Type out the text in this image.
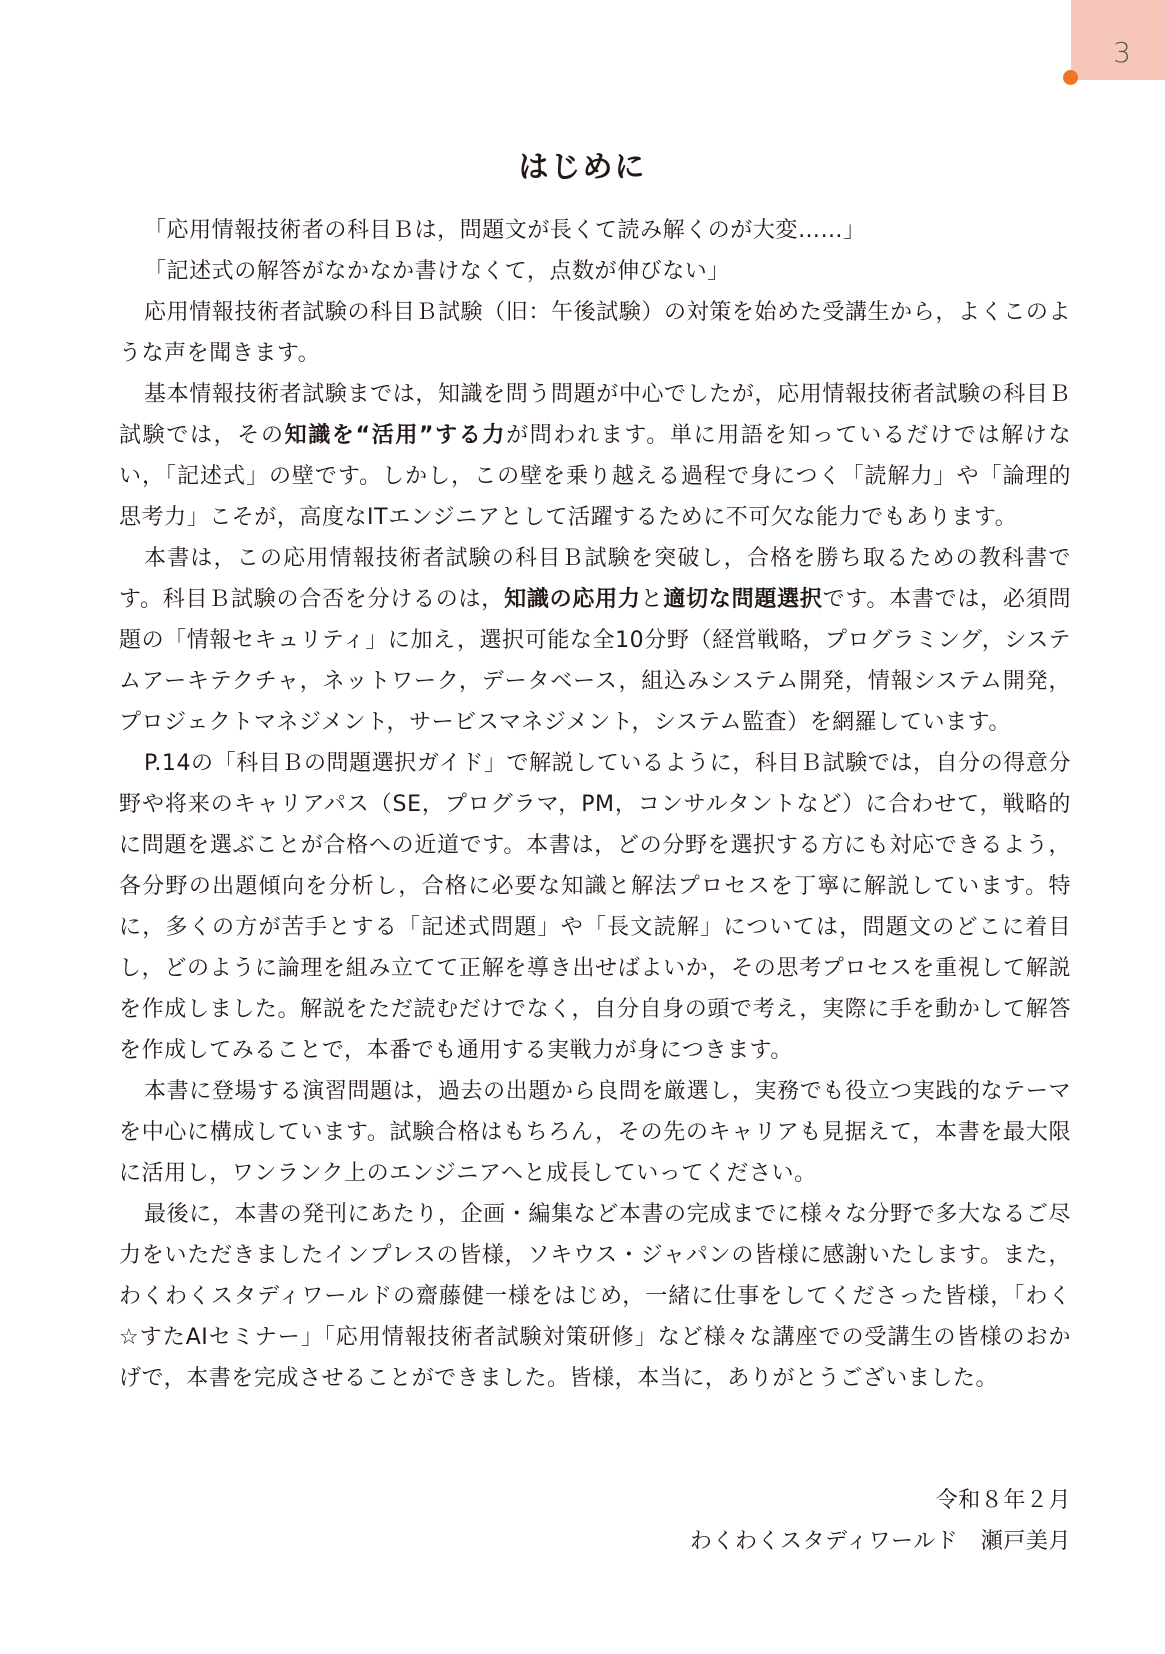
3
はじめに

「応用情報技術者の科目Ｂは，問題文が長くて読み解くのが大変……」

「記述式の解答がなかなか書けなくて，点数が伸びない」

応用情報技術者試験の科目Ｂ試験（旧：午後試験）の対策を始めた受講生から，よくこのような声を聞きます。

基本情報技術者試験までは，知識を問う問題が中心でしたが，応用情報技術者試験の科目Ｂ試験では，その知識を“活用”する力が問われます。単に用語を知っているだけでは解けない，「記述式」の壁です。しかし，この壁を乗り越える過程で身につく「読解力」や「論理的思考力」こそが，高度なITエンジニアとして活躍するために不可欠な能力でもあります。

本書は，この応用情報技術者試験の科目Ｂ試験を突破し，合格を勝ち取るための教科書です。科目Ｂ試験の合否を分けるのは，知識の応用力と適切な問題選択です。本書では，必須問題の「情報セキュリティ」に加え，選択可能な全10分野（経営戦略，プログラミング，システムアーキテクチャ，ネットワーク，データベース，組込みシステム開発，情報システム開発，プロジェクトマネジメント，サービスマネジメント，システム監査）を網羅しています。

P.14の「科目Ｂの問題選択ガイド」で解説しているように，科目Ｂ試験では，自分の得意分野や将来のキャリアパス（SE，プログラマ，PM，コンサルタントなど）に合わせて，戦略的に問題を選ぶことが合格への近道です。本書は，どの分野を選択する方にも対応できるよう，各分野の出題傾向を分析し，合格に必要な知識と解法プロセスを丁寧に解説しています。特に，多くの方が苦手とする「記述式問題」や「長文読解」については，問題文のどこに着目し，どのように論理を組み立てて正解を導き出せばよいか，その思考プロセスを重視して解説を作成しました。解説をただ読むだけでなく，自分自身の頭で考え，実際に手を動かして解答を作成してみることで，本番でも通用する実戦力が身につきます。

本書に登場する演習問題は，過去の出題から良問を厳選し，実務でも役立つ実践的なテーマを中心に構成しています。試験合格はもちろん，その先のキャリアも見据えて，本書を最大限に活用し，ワンランク上のエンジニアへと成長していってください。

最後に，本書の発刊にあたり，企画・編集など本書の完成までに様々な分野で多大なるご尽力をいただきましたインプレスの皆様，ソキウス・ジャパンの皆様に感謝いたします。また，わくわくスタディワールドの齋藤健一様をはじめ，一緒に仕事をしてくださった皆様，「わく☆すたAIセミナー」「応用情報技術者試験対策研修」など様々な講座での受講生の皆様のおかげで，本書を完成させることができました。皆様，本当に，ありがとうございました。

令和８年２月
わくわくスタディワールド　瀬戸美月
